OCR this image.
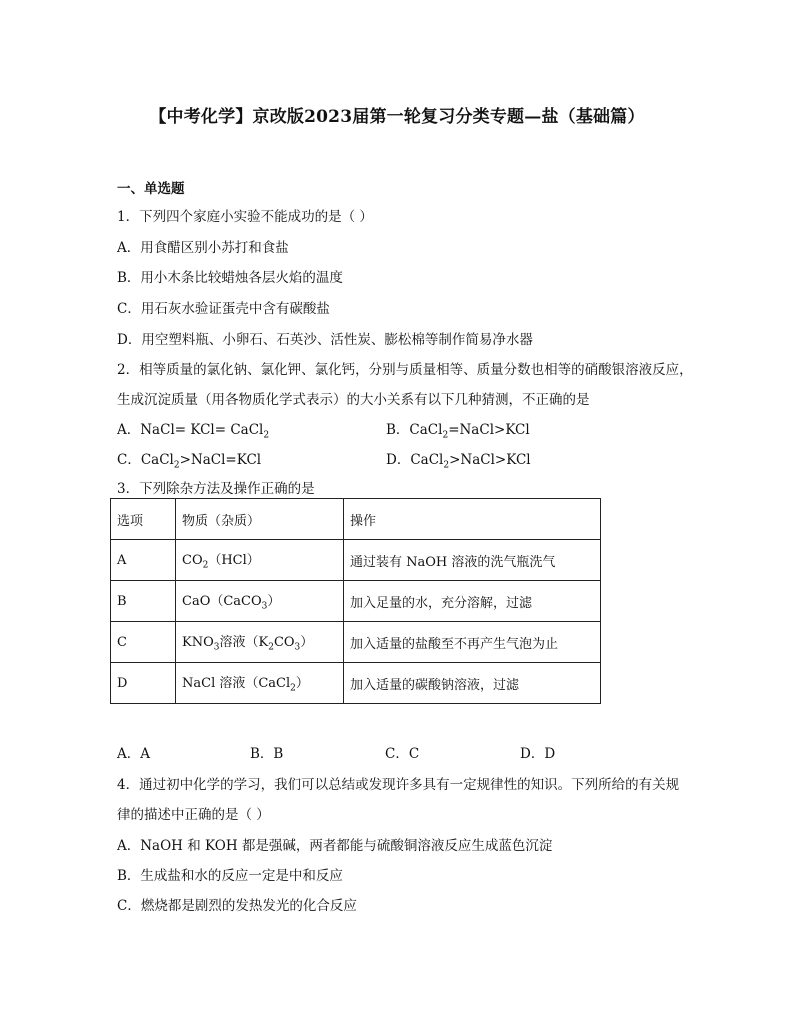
【中考化学】京改版2023届第一轮复习分类专题—盐（基础篇）
一、单选题
1．下列四个家庭小实验不能成功的是（ ）
A．用食醋区别小苏打和食盐
B．用小木条比较蜡烛各层火焰的温度
C．用石灰水验证蛋壳中含有碳酸盐
D．用空塑料瓶、小卵石、石英沙、活性炭、膨松棉等制作简易净水器
2．相等质量的氯化钠、氯化钾、氯化钙，分别与质量相等、质量分数也相等的硝酸银溶液反应，
生成沉淀质量（用各物质化学式表示）的大小关系有以下几种猜测，不正确的是
A．NaCl= KCl= CaCl$_2$	B．CaCl$_2$=NaCl>KCl
C．CaCl$_2$>NaCl=KCl	D．CaCl$_2$>NaCl>KCl
3．下列除杂方法及操作正确的是
选项	物质（杂质）	操作
A	$CO_2(HCl)$	通过装有 NaOH 溶液的洗气瓶洗气
B	CaO（CaCO$_3$）	加入足量的水，充分溶解，过滤
C	$KNO_3$溶液$(K_2CO_3)$	加入适量的盐酸至不再产生气泡为止
D	NaCl 溶液（CaCl$_2$）	加入适量的碳酸钠溶液，过滤
A．A	B．B	C．C	D．D
4．通过初中化学的学习，我们可以总结或发现许多具有一定规律性的知识。下列所给的有关规
律的描述中正确的是（ ）
A．NaOH 和 KOH 都是强碱，两者都能与硫酸铜溶液反应生成蓝色沉淀
B．生成盐和水的反应一定是中和反应
C．燃烧都是剧烈的发热发光的化合反应
